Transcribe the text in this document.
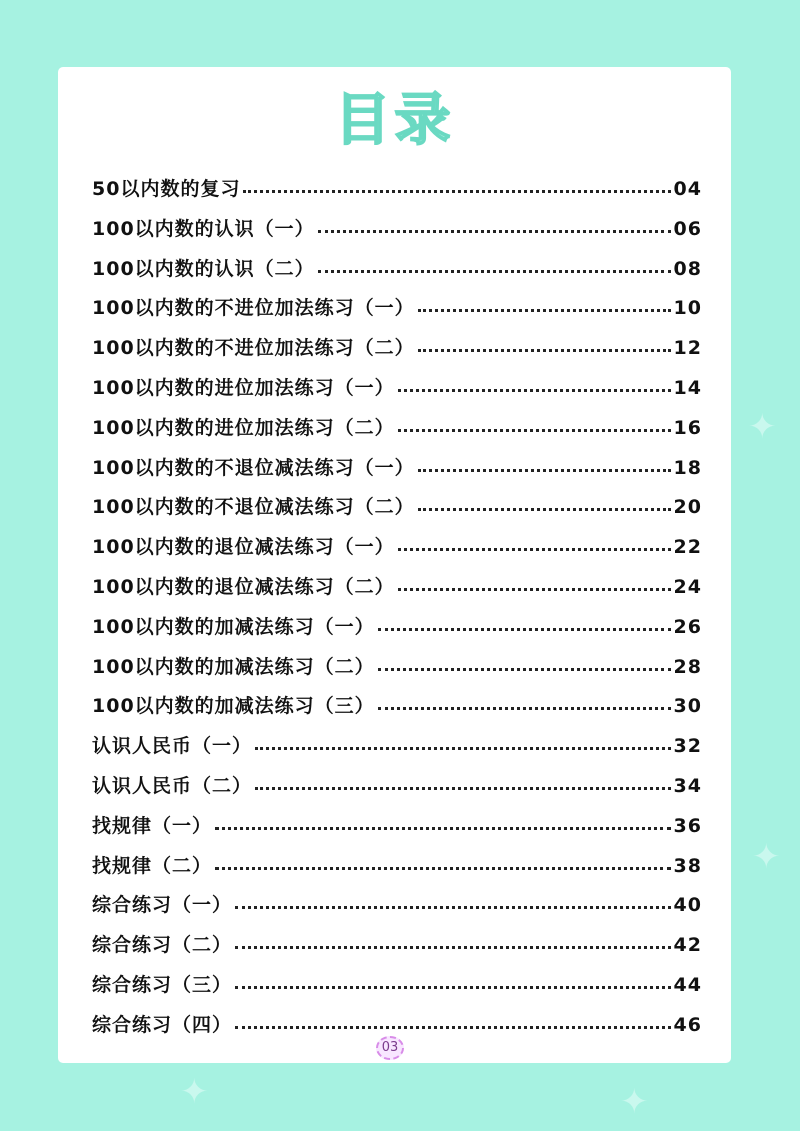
✦
✦
✦
✦
目录
50以内数的复习	04
100以内数的认识（一）	06
100以内数的认识（二）	08
100以内数的不进位加法练习（一）	10
100以内数的不进位加法练习（二）	12
100以内数的进位加法练习（一）	14
100以内数的进位加法练习（二）	16
100以内数的不退位减法练习（一）	18
100以内数的不退位减法练习（二）	20
100以内数的退位减法练习（一）	22
100以内数的退位减法练习（二）	24
100以内数的加减法练习（一）	26
100以内数的加减法练习（二）	28
100以内数的加减法练习（三）	30
认识人民币（一）	32
认识人民币（二）	34
找规律（一）	36
找规律（二）	38
综合练习（一）	40
综合练习（二）	42
综合练习（三）	44
综合练习（四）	46
03
